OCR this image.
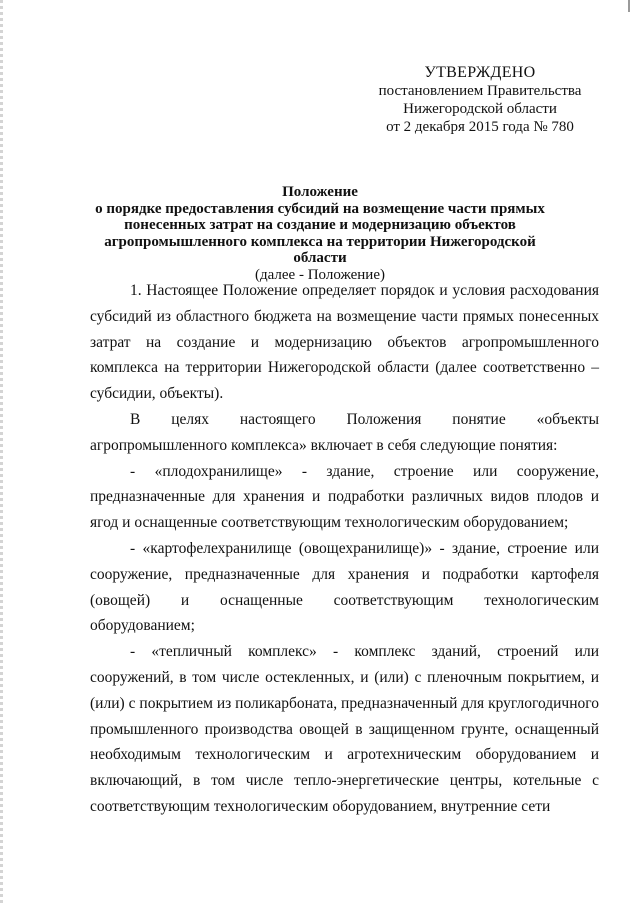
УТВЕРЖДЕНО
постановлением Правительства
Нижегородской области
от 2 декабря 2015 года № 780
Положение
о порядке предоставления субсидий на возмещение части прямых
понесенных затрат на создание и модернизацию объектов
агропромышленного комплекса на территории Нижегородской области
(далее - Положение)

1. Настоящее Положение определяет порядок и условия расходования субсидий из областного бюджета на возмещение части прямых понесенных затрат на создание и модернизацию объектов агропромышленного комплекса на территории Нижегородской области (далее соответственно – субсидии, объекты).

В целях настоящего Положения понятие «объекты агропромышленного комплекса» включает в себя следующие понятия:

- «плодохранилище» - здание, строение или сооружение, предназначенные для хранения и подработки различных видов плодов и ягод и оснащенные соответствующим технологическим оборудованием;

- «картофелехранилище (овощехранилище)» - здание, строение или сооружение, предназначенные для хранения и подработки картофеля (овощей) и оснащенные соответствующим технологическим оборудованием;

- «тепличный комплекс» - комплекс зданий, строений или сооружений, в том числе остекленных, и (или) с пленочным покрытием, и (или) с покрытием из поликарбоната, предназначенный для круглогодичного промышленного производства овощей в защищенном грунте, оснащенный необходимым технологическим и агротехническим оборудованием и включающий, в том числе тепло-энергетические центры, котельные с соответствующим технологическим оборудованием, внутренние сети
